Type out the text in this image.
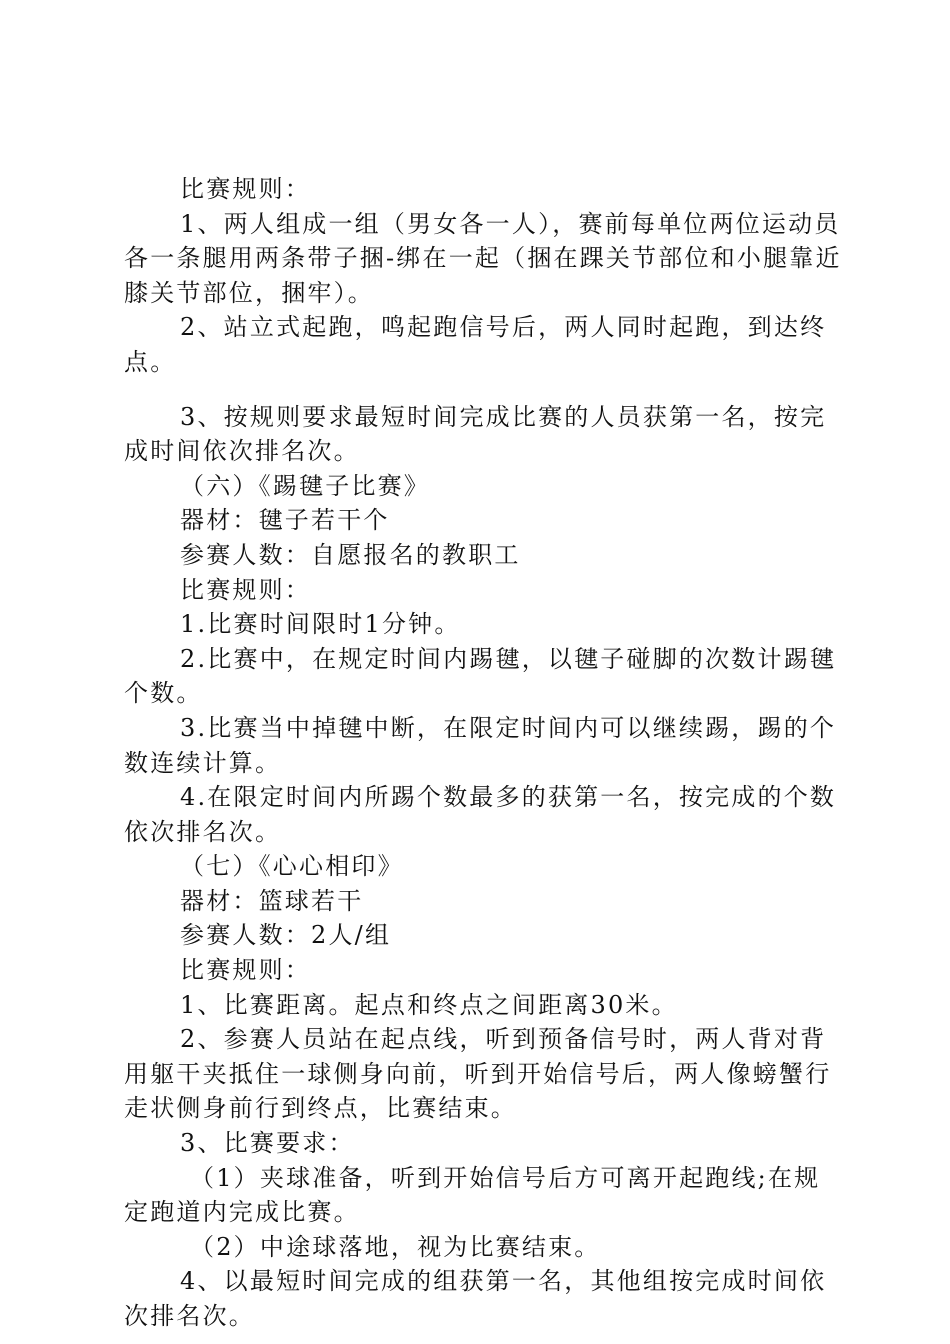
比赛规则：

1、两人组成一组（男女各一人），赛前每单位两位运动员各一条腿用两条带子捆-绑在一起（捆在踝关节部位和小腿靠近膝关节部位，捆牢）。

2、站立式起跑，鸣起跑信号后，两人同时起跑，到达终点。

3、按规则要求最短时间完成比赛的人员获第一名，按完成时间依次排名次。

（六）《踢毽子比赛》

器材：毽子若干个

参赛人数：自愿报名的教职工

比赛规则：

1.比赛时间限时1分钟。

2.比赛中，在规定时间内踢毽，以毽子碰脚的次数计踢毽个数。

3.比赛当中掉毽中断，在限定时间内可以继续踢，踢的个数连续计算。

4.在限定时间内所踢个数最多的获第一名，按完成的个数依次排名次。

（七）《心心相印》

器材：篮球若干

参赛人数：2人/组

比赛规则：

1、比赛距离。起点和终点之间距离30米。

2、参赛人员站在起点线，听到预备信号时，两人背对背用躯干夹抵住一球侧身向前，听到开始信号后，两人像螃蟹行走状侧身前行到终点，比赛结束。

3、比赛要求：

（1）夹球准备，听到开始信号后方可离开起跑线;在规定跑道内完成比赛。

（2）中途球落地，视为比赛结束。

4、以最短时间完成的组获第一名，其他组按完成时间依次排名次。
